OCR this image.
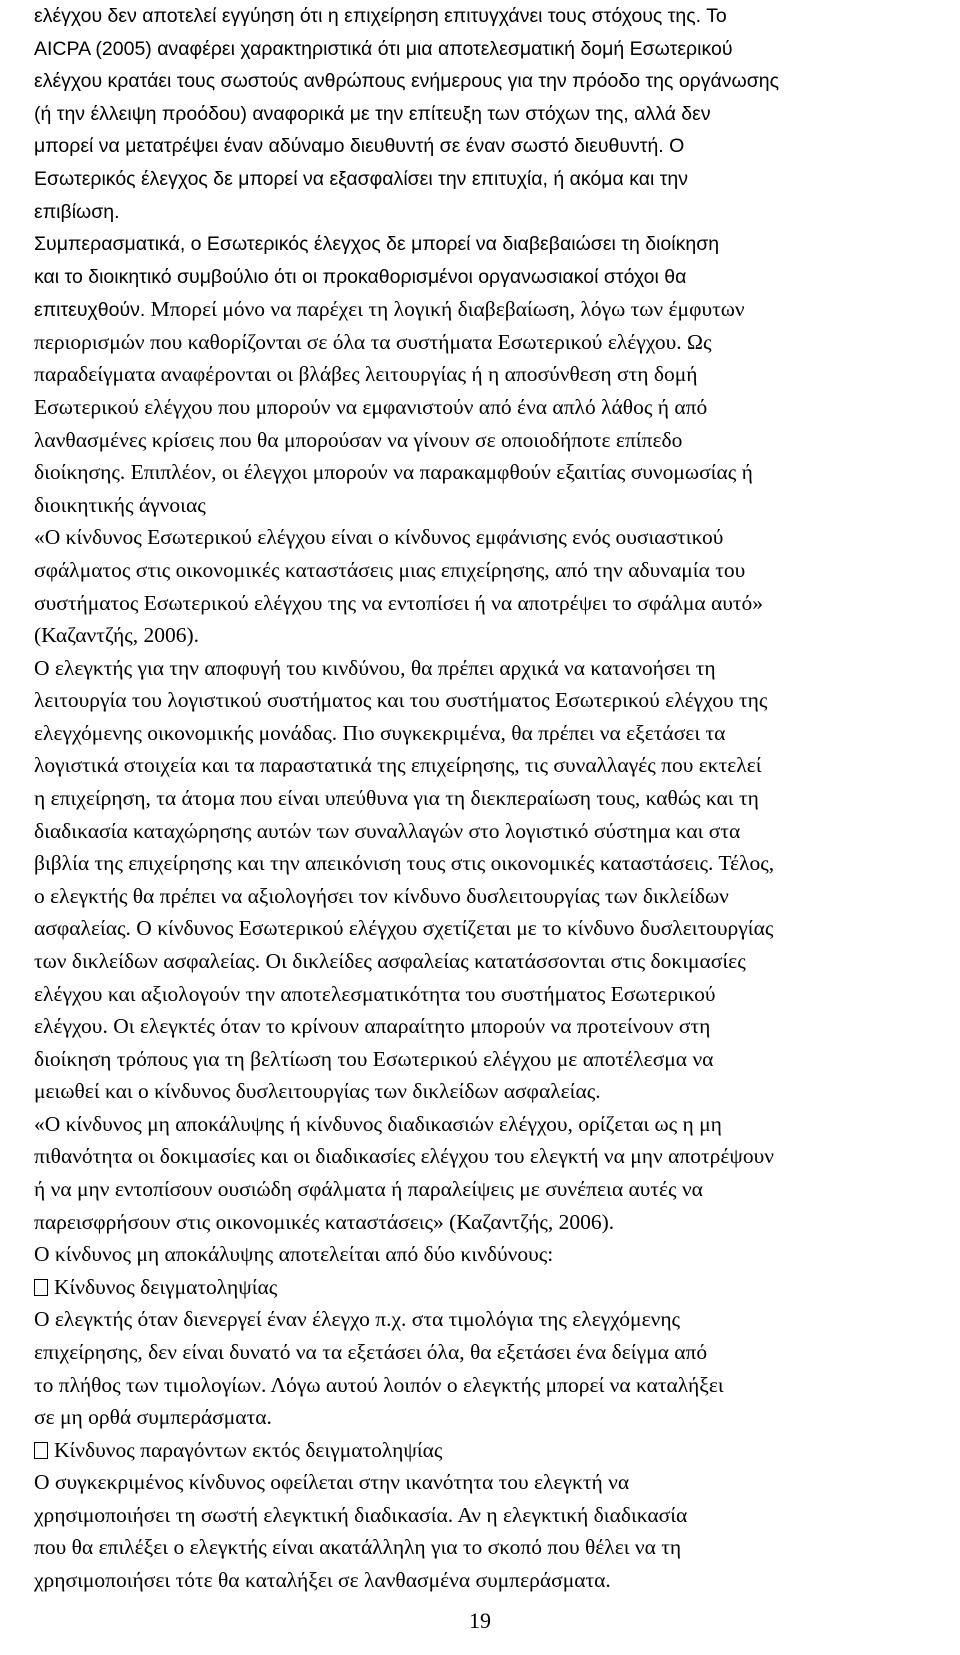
ελέγχου δεν αποτελεί εγγύηση ότι η επιχείρηση επιτυγχάνει τους στόχους της. Το
AICPA (2005) αναφέρει χαρακτηριστικά ότι μια αποτελεσματική δομή Εσωτερικού
ελέγχου κρατάει τους σωστούς ανθρώπους ενήμερους για την πρόοδο της οργάνωσης
(ή την έλλειψη προόδου) αναφορικά με την επίτευξη των στόχων της, αλλά δεν
μπορεί να μετατρέψει έναν αδύναμο διευθυντή σε έναν σωστό διευθυντή. Ο
Εσωτερικός έλεγχος δε μπορεί να εξασφαλίσει την επιτυχία, ή ακόμα και την
επιβίωση.
Συμπερασματικά, ο Εσωτερικός έλεγχος δε μπορεί να διαβεβαιώσει τη διοίκηση
και το διοικητικό συμβούλιο ότι οι προκαθορισμένοι οργανωσιακοί στόχοι θα
επιτευχθούν. Μπορεί μόνο να παρέχει τη λογική διαβεβαίωση, λόγω των έμφυτων
περιορισμών που καθορίζονται σε όλα τα συστήματα Εσωτερικού ελέγχου. Ως
παραδείγματα αναφέρονται οι βλάβες λειτουργίας ή η αποσύνθεση στη δομή
Εσωτερικού ελέγχου που μπορούν να εμφανιστούν από ένα απλό λάθος ή από
λανθασμένες κρίσεις που θα μπορούσαν να γίνουν σε οποιοδήποτε επίπεδο
διοίκησης. Επιπλέον, οι έλεγχοι μπορούν να παρακαμφθούν εξαιτίας συνομωσίας ή
διοικητικής άγνοιας
«Ο κίνδυνος Εσωτερικού ελέγχου είναι ο κίνδυνος εμφάνισης ενός ουσιαστικού
σφάλματος στις οικονομικές καταστάσεις μιας επιχείρησης, από την αδυναμία του
συστήματος Εσωτερικού ελέγχου της να εντοπίσει ή να αποτρέψει το σφάλμα αυτό»
(Καζαντζής, 2006).
Ο ελεγκτής για την αποφυγή του κινδύνου, θα πρέπει αρχικά να κατανοήσει τη
λειτουργία του λογιστικού συστήματος και του συστήματος Εσωτερικού ελέγχου της
ελεγχόμενης οικονομικής μονάδας. Πιο συγκεκριμένα, θα πρέπει να εξετάσει τα
λογιστικά στοιχεία και τα παραστατικά της επιχείρησης, τις συναλλαγές που εκτελεί
η επιχείρηση, τα άτομα που είναι υπεύθυνα για τη διεκπεραίωση τους, καθώς και τη
διαδικασία καταχώρησης αυτών των συναλλαγών στο λογιστικό σύστημα και στα
βιβλία της επιχείρησης και την απεικόνιση τους στις οικονομικές καταστάσεις. Τέλος,
ο ελεγκτής θα πρέπει να αξιολογήσει τον κίνδυνο δυσλειτουργίας των δικλείδων
ασφαλείας. Ο κίνδυνος Εσωτερικού ελέγχου σχετίζεται με το κίνδυνο δυσλειτουργίας
των δικλείδων ασφαλείας. Οι δικλείδες ασφαλείας κατατάσσονται στις δοκιμασίες
ελέγχου και αξιολογούν την αποτελεσματικότητα του συστήματος Εσωτερικού
ελέγχου. Οι ελεγκτές όταν το κρίνουν απαραίτητο μπορούν να προτείνουν στη
διοίκηση τρόπους για τη βελτίωση του Εσωτερικού ελέγχου με αποτέλεσμα να
μειωθεί και ο κίνδυνος δυσλειτουργίας των δικλείδων ασφαλείας.
«Ο κίνδυνος μη αποκάλυψης ή κίνδυνος διαδικασιών ελέγχου, ορίζεται ως η μη
πιθανότητα οι δοκιμασίες και οι διαδικασίες ελέγχου του ελεγκτή να μην αποτρέψουν
ή να μην εντοπίσουν ουσιώδη σφάλματα ή παραλείψεις με συνέπεια αυτές να
παρεισφρήσουν στις οικονομικές καταστάσεις» (Καζαντζής, 2006).
Ο κίνδυνος μη αποκάλυψης αποτελείται από δύο κινδύνους:
Κίνδυνος δειγματοληψίας
Ο ελεγκτής όταν διενεργεί έναν έλεγχο π.χ. στα τιμολόγια της ελεγχόμενης
επιχείρησης, δεν είναι δυνατό να τα εξετάσει όλα, θα εξετάσει ένα δείγμα από
το πλήθος των τιμολογίων. Λόγω αυτού λοιπόν ο ελεγκτής μπορεί να καταλήξει
σε μη ορθά συμπεράσματα.
Κίνδυνος παραγόντων εκτός δειγματοληψίας
Ο συγκεκριμένος κίνδυνος οφείλεται στην ικανότητα του ελεγκτή να
χρησιμοποιήσει τη σωστή ελεγκτική διαδικασία. Αν η ελεγκτική διαδικασία
που θα επιλέξει ο ελεγκτής είναι ακατάλληλη για το σκοπό που θέλει να τη
χρησιμοποιήσει τότε θα καταλήξει σε λανθασμένα συμπεράσματα.
19
